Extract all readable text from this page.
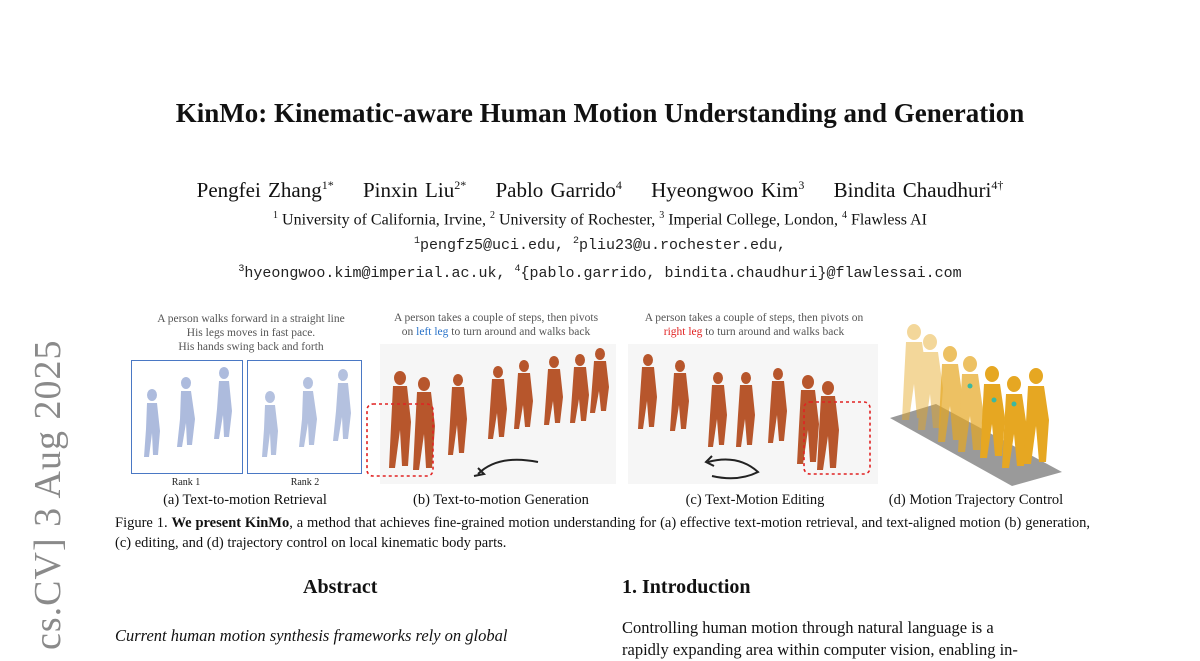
cs.CV] 3 Aug 2025
KinMo: Kinematic-aware Human Motion Understanding and Generation
Pengfei Zhang$^{1*}$ Pinxin Liu$^{2*}$ Pablo Garrido$^4$ Hyeongwoo Kim$^3$ Bindita Chaudhuri$^{4\dagger}$
$^1$ University of California, Irvine, $^2$ University of Rochester, $^3$ Imperial College, London, $^4$ Flawless AI
$^1$pengfz5@uci.edu, $^2$pliu23@u.rochester.edu,
$^3$hyeongwoo.kim@imperial.ac.uk, $^4${pablo.garrido, bindita.chaudhuri}@flawlessai.com
A person walks forward in a straight line
His legs moves in fast pace.
His hands swing back and forth
Rank 1	Rank 2
(a) Text-to-motion Retrieval
A person takes a couple of steps, then pivots
on left leg to turn around and walks back
(b) Text-to-motion Generation
A person takes a couple of steps, then pivots on
right leg to turn around and walks back
(c) Text-Motion Editing	(d) Motion Trajectory Control
Figure 1. We present KinMo, a method that achieves fine-grained motion understanding for (a) effective text-motion retrieval, and text-aligned motion (b) generation, (c) editing, and (d) trajectory control on local kinematic body parts.
Abstract
Current human motion synthesis frameworks rely on global
1. Introduction
Controlling human motion through natural language is a
rapidly expanding area within computer vision, enabling in-
